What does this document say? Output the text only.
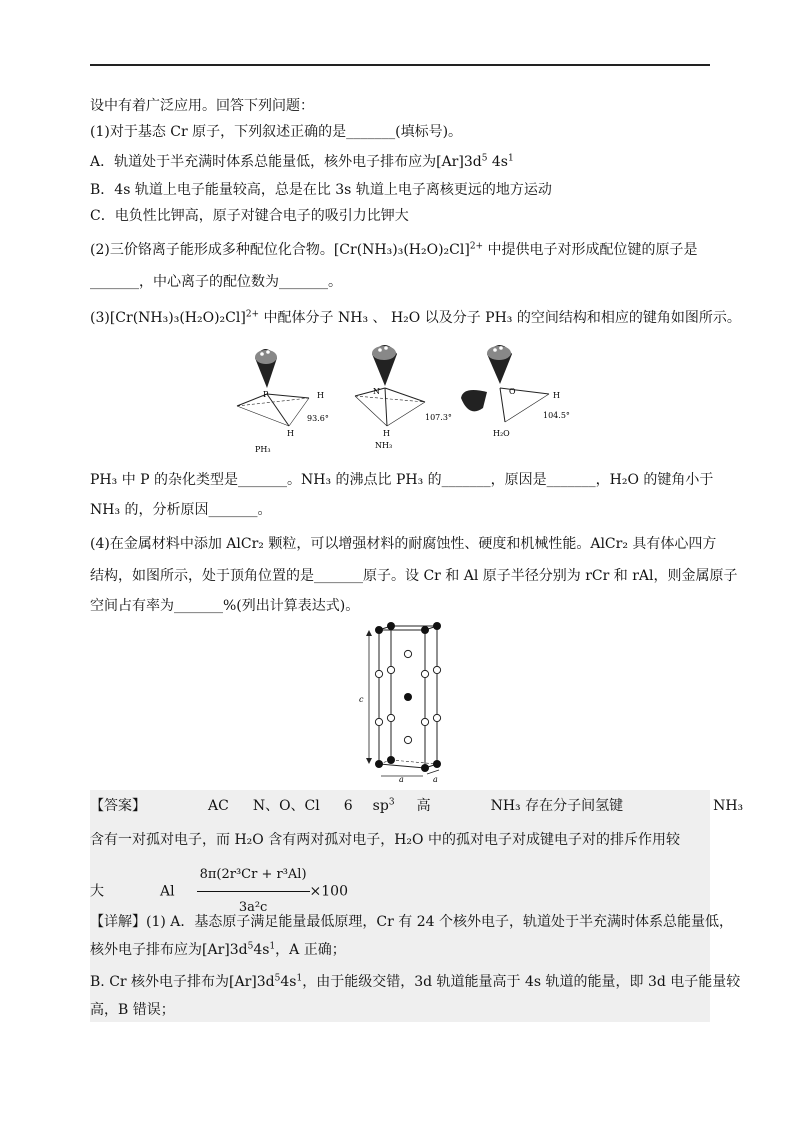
设中有着广泛应用。回答下列问题：
(1)对于基态 Cr 原子，下列叙述正确的是_______(填标号)。
A．轨道处于半充满时体系总能量低，核外电子排布应为$[Ar]3d^5$ $4s^1$
B．4s 轨道上电子能量较高，总是在比 3s 轨道上电子离核更远的地方运动
C．电负性比钾高，原子对键合电子的吸引力比钾大
(2)三价铬离子能形成多种配位化合物。$[Cr(NH_3)_3(H_2O)_2Cl]^{2+}$ 中提供电子对形成配位键的原子是
_______，中心离子的配位数为_______。
$(3)[Cr(NH_3)_3(H_2O)_2Cl]^{2+}$ 中配体分子 NH₃ 、 H₂O 以及分子 PH₃ 的空间结构和相应的键角如图所示。
P	H
H
93.6°
PH₃
N
H
107.3°
NH₃
O	H
104.5°
H₂O
PH₃ 中 P 的杂化类型是_______。NH₃ 的沸点比 PH₃ 的_______，原因是_______，H₂O 的键角小于
NH₃ 的，分析原因_______。
(4)在金属材料中添加 AlCr₂ 颗粒，可以增强材料的耐腐蚀性、硬度和机械性能。AlCr₂ 具有体心四方
结构，如图所示，处于顶角位置的是_______原子。设 Cr 和 Al 原子半径分别为 rCr 和 rAl，则金属原子
空间占有率为_______%(列出计算表达式)。
c
a	a
【答案】	AC N、O、Cl 6 $sp^3$ 高	NH₃ 存在分子间氢键	NH₃
含有一对孤对电子，而 H₂O 含有两对孤对电子，H₂O 中的孤对电子对成键电子对的排斥作用较
大	Al $\frac{\text{8π(2r³Cr + r³Al)}}{\text{3a²c}} \times 100$
【详解】(1) A．基态原子满足能量最低原理，Cr 有 24 个核外电子，轨道处于半充满时体系总能量低，
核外电子排布应为$[Ar]3d^54s^1$，A 正确；
B. Cr 核外电子排布为$[Ar]3d^54s^1$，由于能级交错，3d 轨道能量高于 4s 轨道的能量，即 3d 电子能量较
高，B 错误；
